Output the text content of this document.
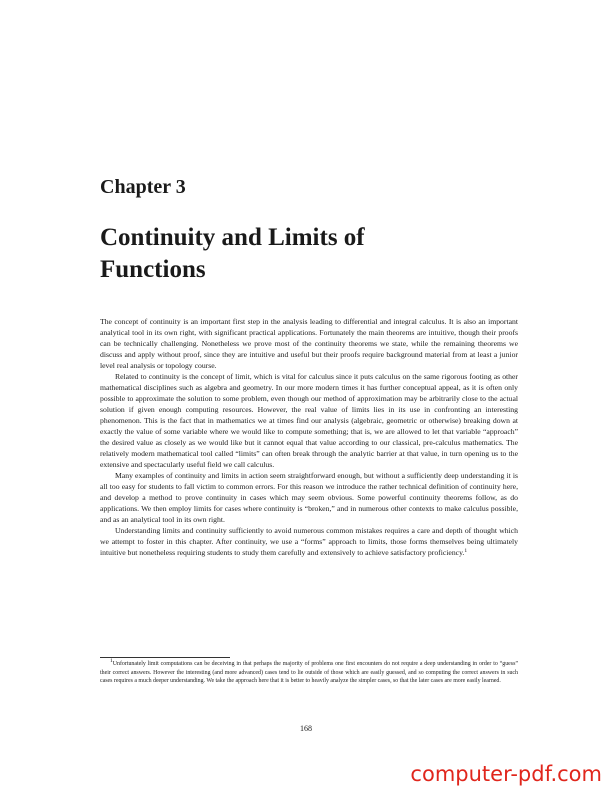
Chapter 3
Continuity and Limits of
Functions

The concept of continuity is an important first step in the analysis leading to differential and integral calculus. It is also an important analytical tool in its own right, with significant practical applications. Fortunately the main theorems are intuitive, though their proofs can be technically challenging. Nonetheless we prove most of the continuity theorems we state, while the remaining theorems we discuss and apply without proof, since they are intuitive and useful but their proofs require background material from at least a junior level real analysis or topology course.

Related to continuity is the concept of limit, which is vital for calculus since it puts calculus on the same rigorous footing as other mathematical disciplines such as algebra and geometry. In our more modern times it has further conceptual appeal, as it is often only possible to approximate the solution to some problem, even though our method of approximation may be arbitrarily close to the actual solution if given enough computing resources. However, the real value of limits lies in its use in confronting an interesting phenomenon. This is the fact that in mathematics we at times find our analysis (algebraic, geometric or otherwise) breaking down at exactly the value of some variable where we would like to compute something; that is, we are allowed to let that variable “approach” the desired value as closely as we would like but it cannot equal that value according to our classical, pre-calculus mathematics. The relatively modern mathematical tool called “limits” can often break through the analytic barrier at that value, in turn opening us to the extensive and spectacularly useful field we call calculus.

Many examples of continuity and limits in action seem straightforward enough, but without a sufficiently deep understanding it is all too easy for students to fall victim to common errors. For this reason we introduce the rather technical definition of continuity here, and develop a method to prove continuity in cases which may seem obvious. Some powerful continuity theorems follow, as do applications. We then employ limits for cases where continuity is “broken,” and in numerous other contexts to make calculus possible, and as an analytical tool in its own right.

Understanding limits and continuity sufficiently to avoid numerous common mistakes requires a care and depth of thought which we attempt to foster in this chapter. After continuity, we use a “forms” approach to limits, those forms themselves being ultimately intuitive but nonetheless requiring students to study them carefully and extensively to achieve satisfactory proficiency.$^1$

$^1$Unfortunately limit computations can be deceiving in that perhaps the majority of problems one first encounters do not require a deep understanding in order to “guess” their correct answers. However the interesting (and more advanced) cases tend to lie outside of those which are easily guessed, and so computing the correct answers in such cases requires a much deeper understanding. We take the approach here that it is better to heavily analyze the simpler cases, so that the later cases are more easily learned.
168
computer-pdf.com
